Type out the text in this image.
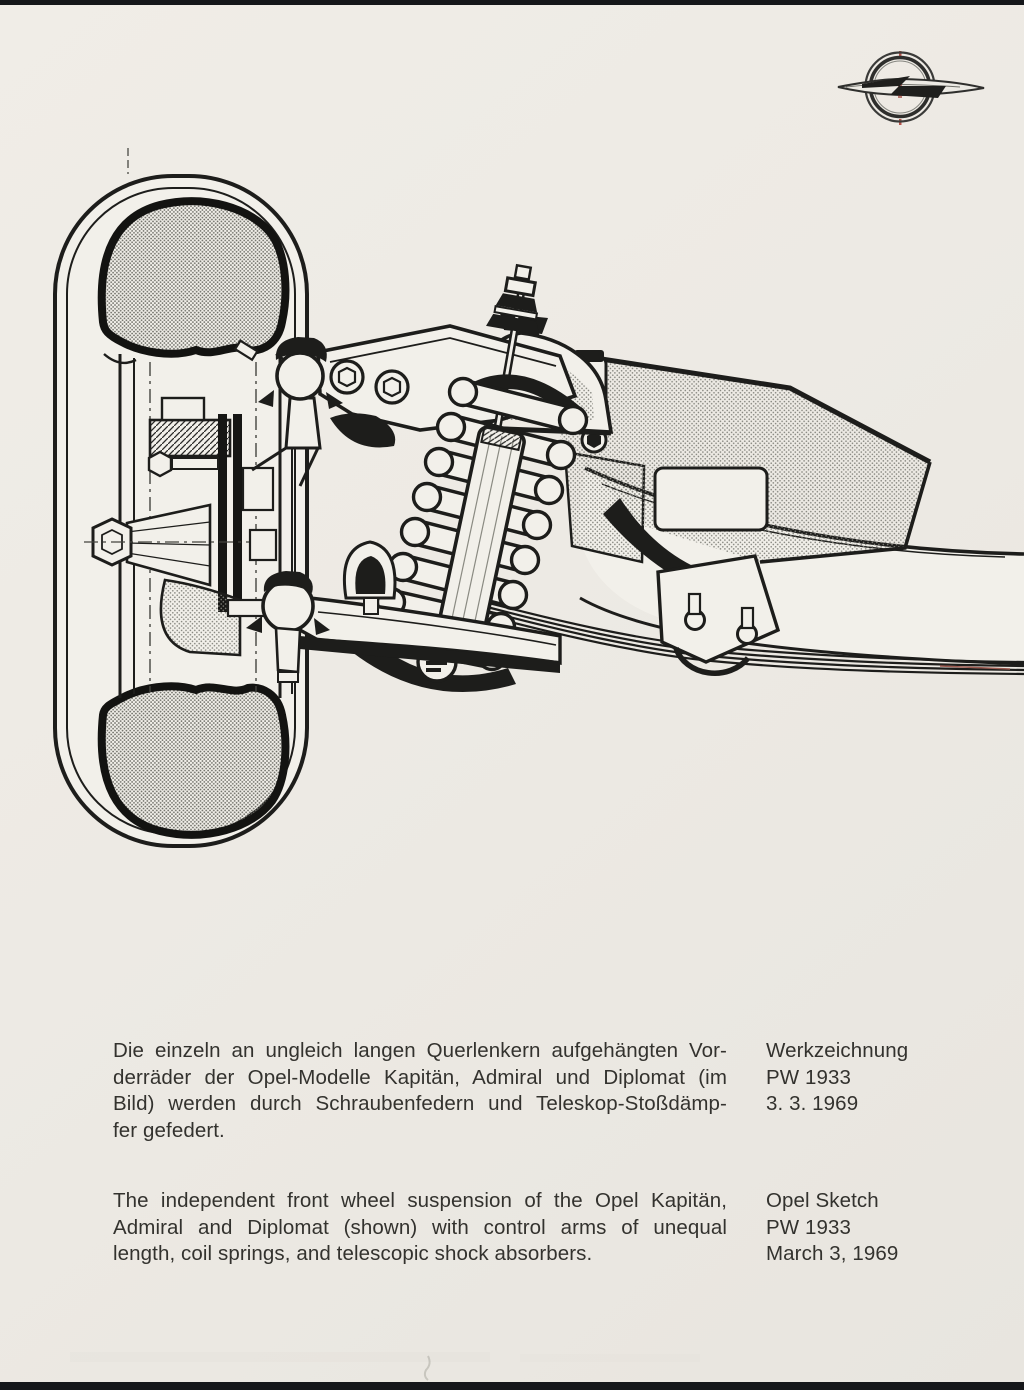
Die einzeln an ungleich langen Querlenkern aufgehängten Vor-
derräder der Opel-Modelle Kapitän, Admiral und Diplomat (im
Bild) werden durch Schraubenfedern und Teleskop-Stoßdämp-
fer gefedert.
Werkzeichnung
PW 1933
3. 3. 1969
The independent front wheel suspension of the Opel Kapitän,
Admiral and Diplomat (shown) with control arms of unequal
length, coil springs, and telescopic shock absorbers.
Opel Sketch
PW 1933
March 3, 1969
